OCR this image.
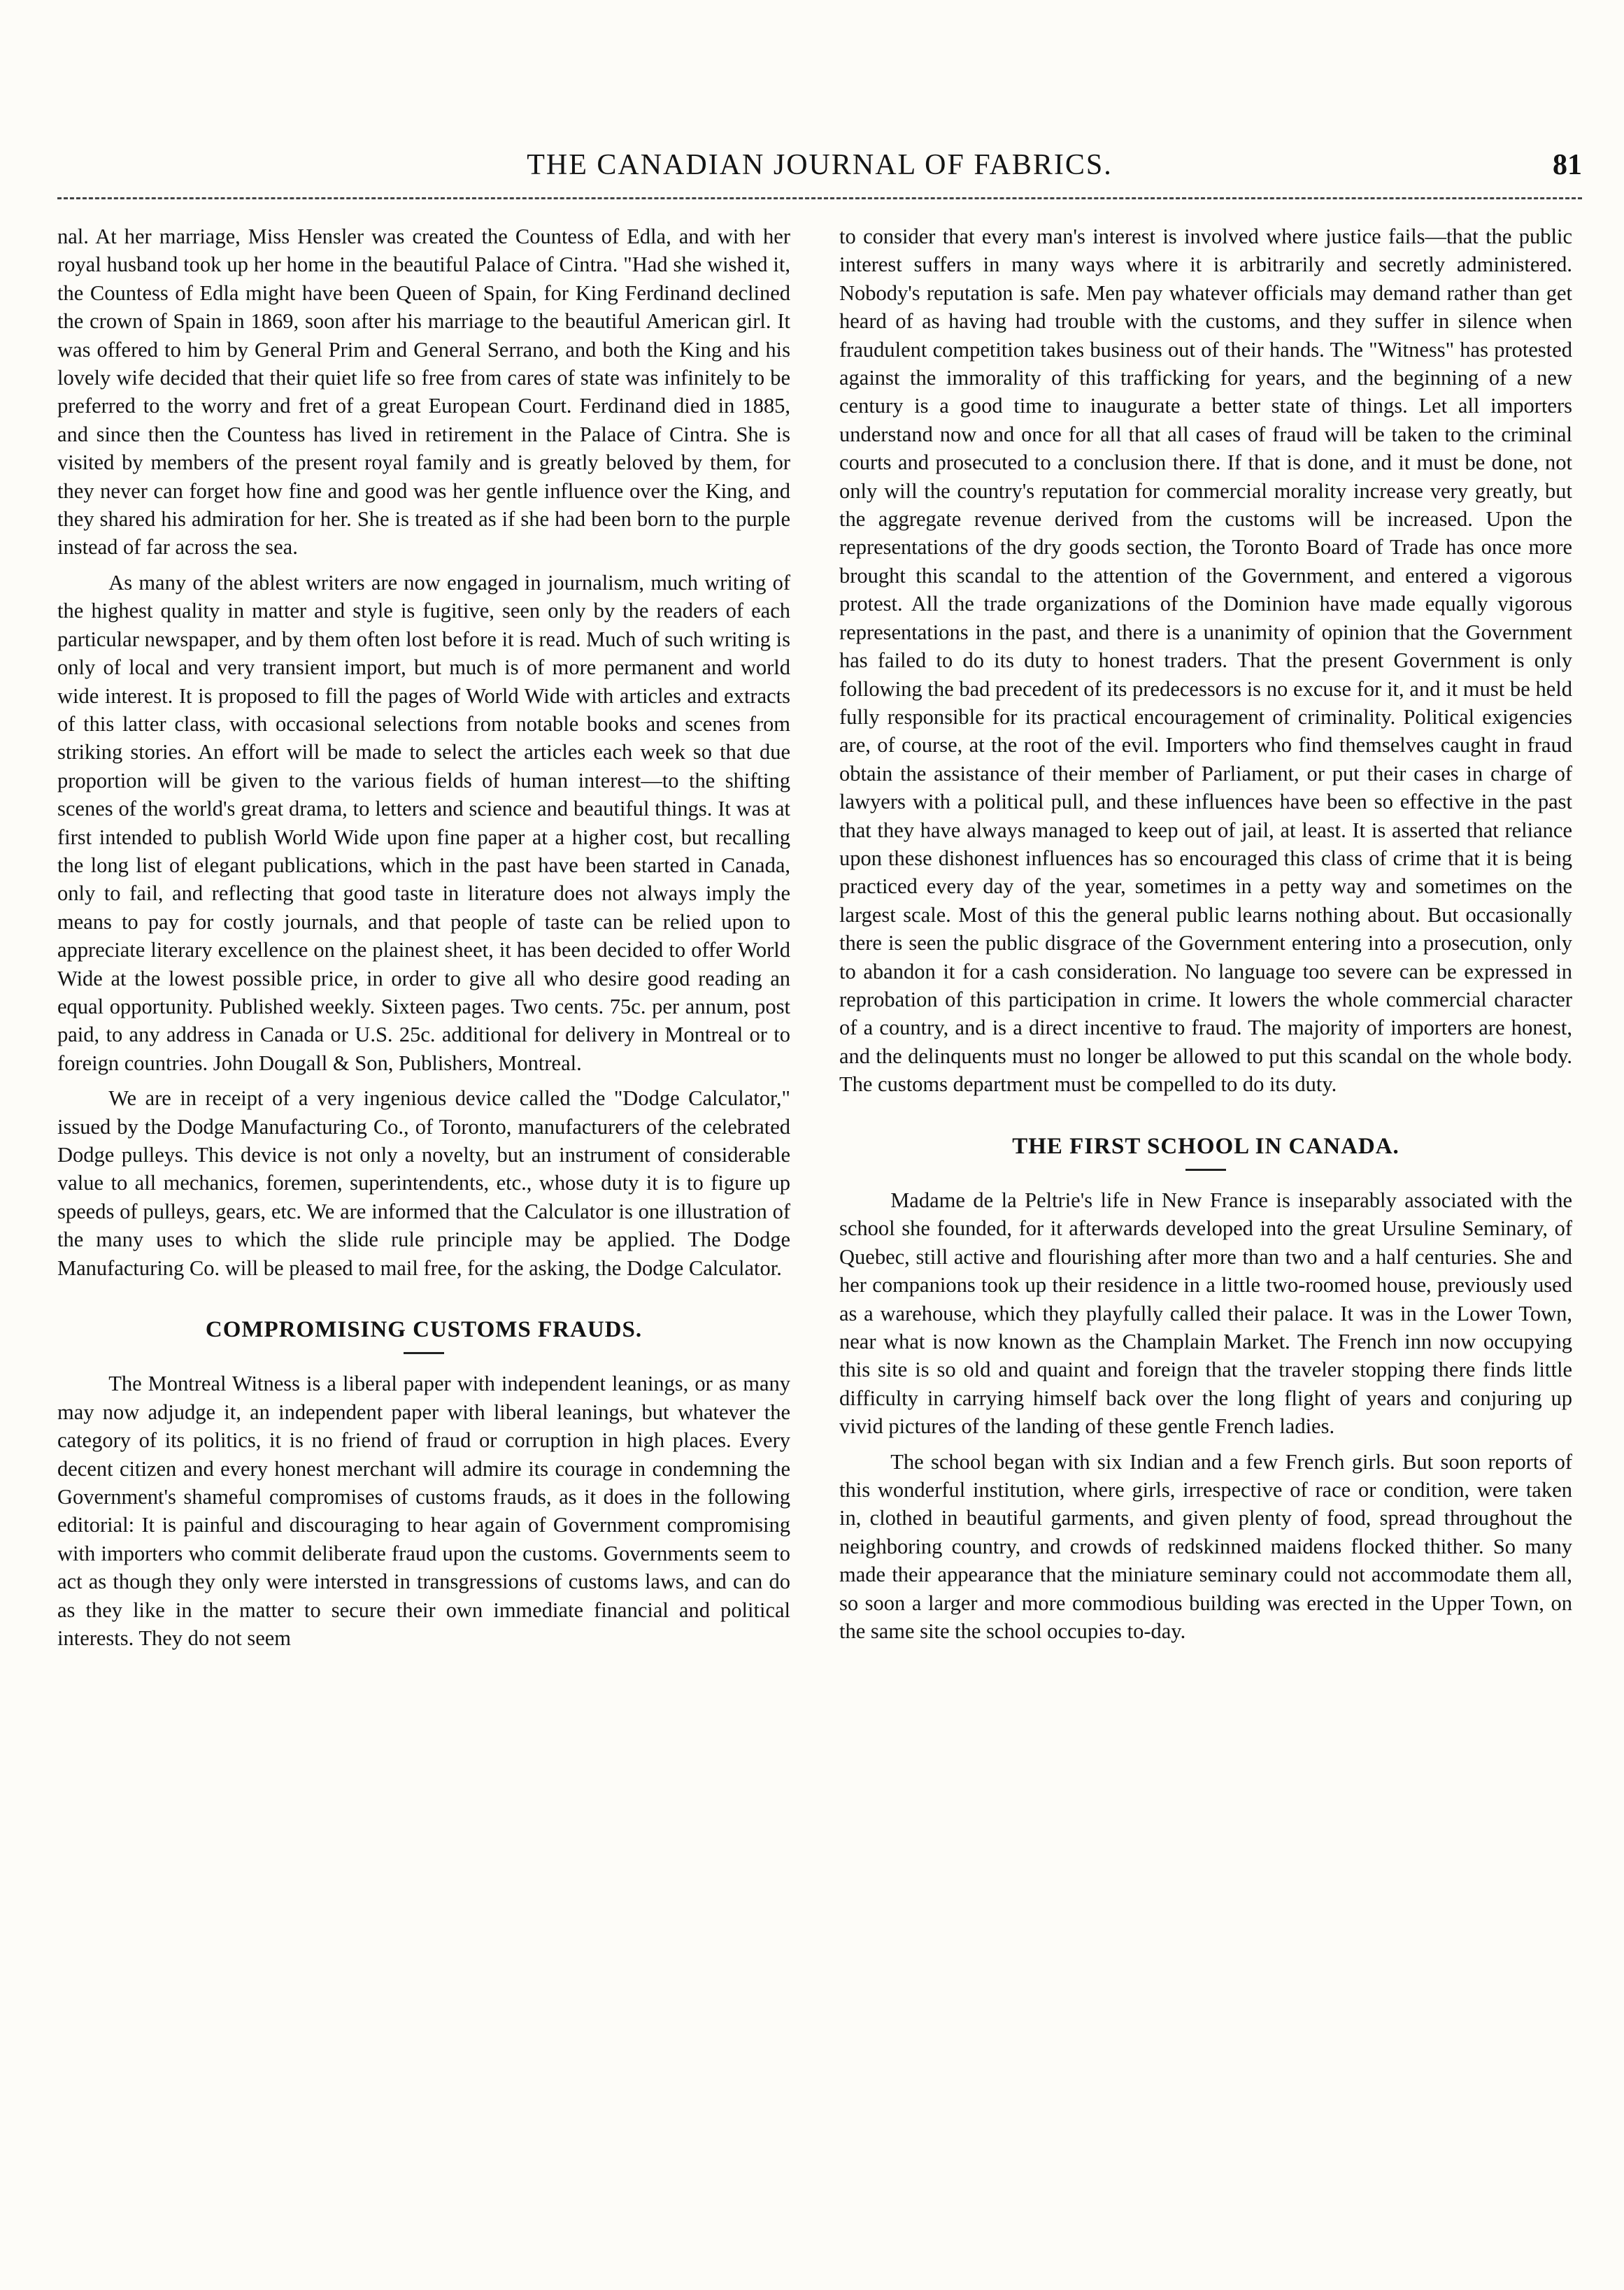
THE CANADIAN JOURNAL OF FABRICS.	81

nal. At her marriage, Miss Hensler was created the Countess of Edla, and with her royal husband took up her home in the beautiful Palace of Cintra. "Had she wished it, the Countess of Edla might have been Queen of Spain, for King Ferdinand declined the crown of Spain in 1869, soon after his marriage to the beautiful American girl. It was offered to him by General Prim and General Serrano, and both the King and his lovely wife decided that their quiet life so free from cares of state was infinitely to be preferred to the worry and fret of a great European Court. Ferdinand died in 1885, and since then the Countess has lived in retirement in the Palace of Cintra. She is visited by members of the present royal family and is greatly beloved by them, for they never can forget how fine and good was her gentle influence over the King, and they shared his admiration for her. She is treated as if she had been born to the purple instead of far across the sea.

As many of the ablest writers are now engaged in journalism, much writing of the highest quality in matter and style is fugitive, seen only by the readers of each particular newspaper, and by them often lost before it is read. Much of such writing is only of local and very transient import, but much is of more permanent and world wide interest. It is proposed to fill the pages of World Wide with articles and extracts of this latter class, with occasional selections from notable books and scenes from striking stories. An effort will be made to select the articles each week so that due proportion will be given to the various fields of human interest—to the shifting scenes of the world's great drama, to letters and science and beautiful things. It was at first intended to publish World Wide upon fine paper at a higher cost, but recalling the long list of elegant publications, which in the past have been started in Canada, only to fail, and reflecting that good taste in literature does not always imply the means to pay for costly journals, and that people of taste can be relied upon to appreciate literary excellence on the plainest sheet, it has been decided to offer World Wide at the lowest possible price, in order to give all who desire good reading an equal opportunity. Published weekly. Sixteen pages. Two cents. 75c. per annum, post paid, to any address in Canada or U.S. 25c. additional for delivery in Montreal or to foreign countries. John Dougall & Son, Publishers, Montreal.

We are in receipt of a very ingenious device called the "Dodge Calculator," issued by the Dodge Manufacturing Co., of Toronto, manufacturers of the celebrated Dodge pulleys. This device is not only a novelty, but an instrument of considerable value to all mechanics, foremen, superintendents, etc., whose duty it is to figure up speeds of pulleys, gears, etc. We are informed that the Calculator is one illustration of the many uses to which the slide rule principle may be applied. The Dodge Manufacturing Co. will be pleased to mail free, for the asking, the Dodge Calculator.

COMPROMISING CUSTOMS FRAUDS.

The Montreal Witness is a liberal paper with independent leanings, or as many may now adjudge it, an independent paper with liberal leanings, but whatever the category of its politics, it is no friend of fraud or corruption in high places. Every decent citizen and every honest merchant will admire its courage in condemning the Government's shameful compromises of customs frauds, as it does in the following editorial: It is painful and discouraging to hear again of Government compromising with importers who commit deliberate fraud upon the customs. Governments seem to act as though they only were intersted in transgressions of customs laws, and can do as they like in the matter to secure their own immediate financial and political interests. They do not seem

to consider that every man's interest is involved where justice fails—that the public interest suffers in many ways where it is arbitrarily and secretly administered. Nobody's reputation is safe. Men pay whatever officials may demand rather than get heard of as having had trouble with the customs, and they suffer in silence when fraudulent competition takes business out of their hands. The "Witness" has protested against the immorality of this trafficking for years, and the beginning of a new century is a good time to inaugurate a better state of things. Let all importers understand now and once for all that all cases of fraud will be taken to the criminal courts and prosecuted to a conclusion there. If that is done, and it must be done, not only will the country's reputation for commercial morality increase very greatly, but the aggregate revenue derived from the customs will be increased. Upon the representations of the dry goods section, the Toronto Board of Trade has once more brought this scandal to the attention of the Government, and entered a vigorous protest. All the trade organizations of the Dominion have made equally vigorous representations in the past, and there is a unanimity of opinion that the Government has failed to do its duty to honest traders. That the present Government is only following the bad precedent of its predecessors is no excuse for it, and it must be held fully responsible for its practical encouragement of criminality. Political exigencies are, of course, at the root of the evil. Importers who find themselves caught in fraud obtain the assistance of their member of Parliament, or put their cases in charge of lawyers with a political pull, and these influences have been so effective in the past that they have always managed to keep out of jail, at least. It is asserted that reliance upon these dishonest influences has so encouraged this class of crime that it is being practiced every day of the year, sometimes in a petty way and sometimes on the largest scale. Most of this the general public learns nothing about. But occasionally there is seen the public disgrace of the Government entering into a prosecution, only to abandon it for a cash consideration. No language too severe can be expressed in reprobation of this participation in crime. It lowers the whole commercial character of a country, and is a direct incentive to fraud. The majority of importers are honest, and the delinquents must no longer be allowed to put this scandal on the whole body. The customs department must be compelled to do its duty.

THE FIRST SCHOOL IN CANADA.

Madame de la Peltrie's life in New France is inseparably associated with the school she founded, for it afterwards developed into the great Ursuline Seminary, of Quebec, still active and flourishing after more than two and a half centuries. She and her companions took up their residence in a little two-roomed house, previously used as a warehouse, which they playfully called their palace. It was in the Lower Town, near what is now known as the Champlain Market. The French inn now occupying this site is so old and quaint and foreign that the traveler stopping there finds little difficulty in carrying himself back over the long flight of years and conjuring up vivid pictures of the landing of these gentle French ladies.

The school began with six Indian and a few French girls. But soon reports of this wonderful institution, where girls, irrespective of race or condition, were taken in, clothed in beautiful garments, and given plenty of food, spread throughout the neighboring country, and crowds of redskinned maidens flocked thither. So many made their appearance that the miniature seminary could not accommodate them all, so soon a larger and more commodious building was erected in the Upper Town, on the same site the school occupies to-day.
